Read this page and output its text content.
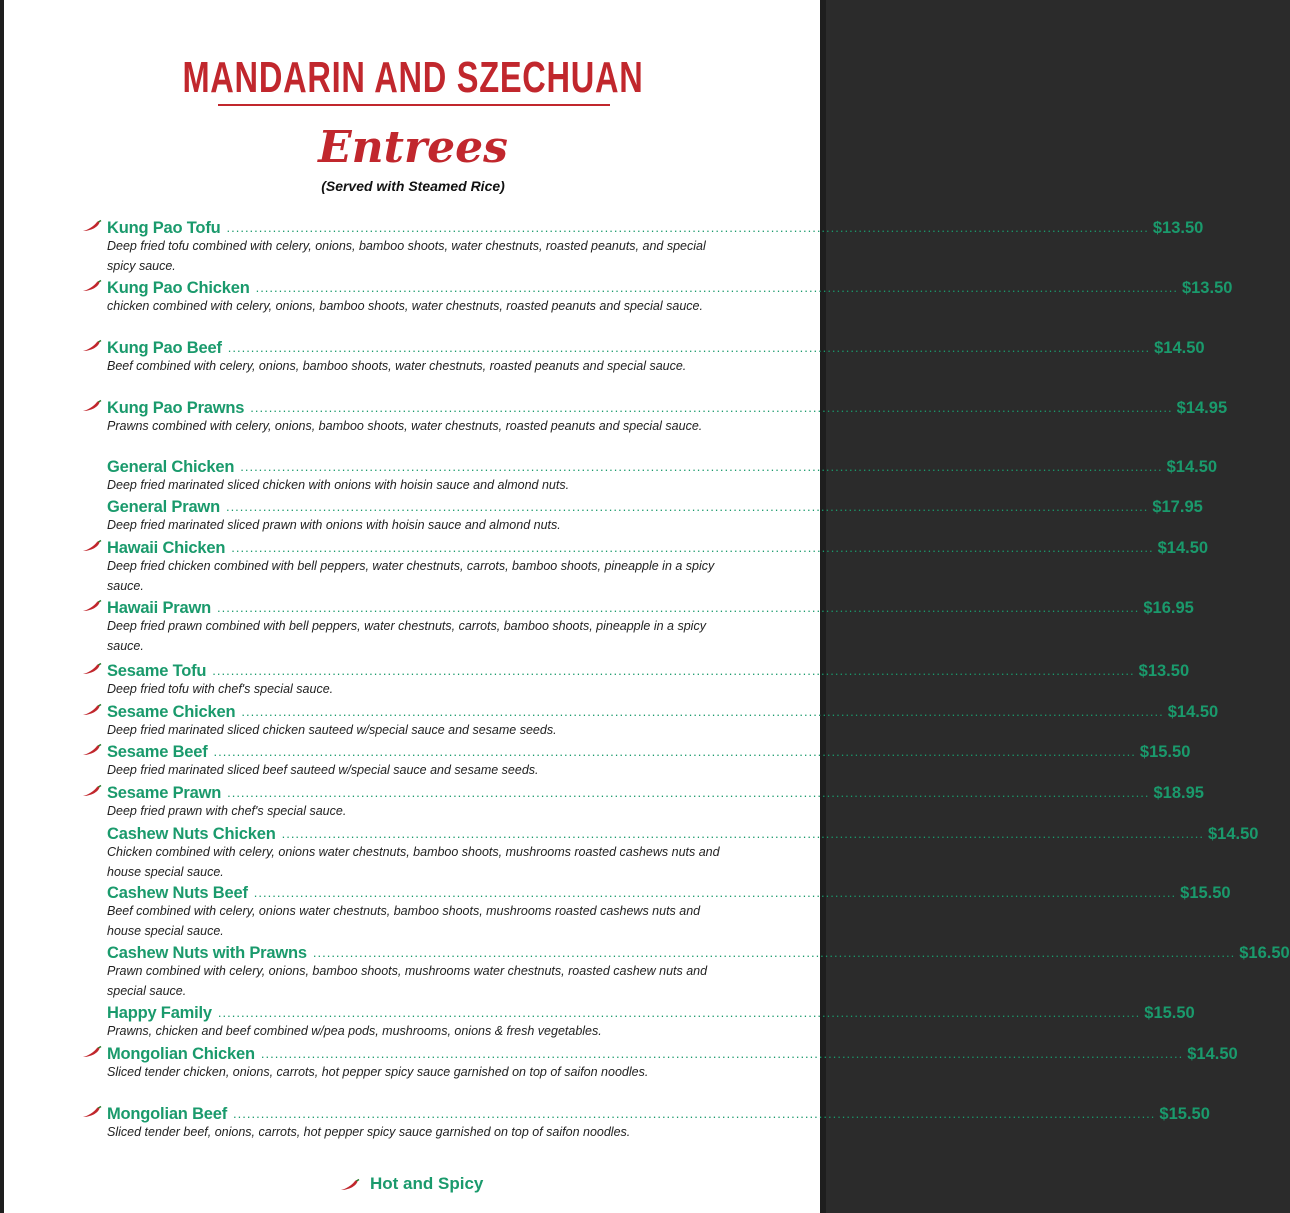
MANDARIN AND SZECHUAN
Entrees
(Served with Steamed Rice)
Kung Pao Tofu ........................................................................................................................................................................................................ $13.50
Deep fried tofu combined with celery, onions, bamboo shoots, water chestnuts, roasted peanuts, and special spicy sauce.
Kung Pao Chicken ........................................................................................................................................................................................................ $13.50
chicken combined with celery, onions, bamboo shoots, water chestnuts, roasted peanuts and special sauce.
Kung Pao Beef ........................................................................................................................................................................................................ $14.50
Beef combined with celery, onions, bamboo shoots, water chestnuts, roasted peanuts and special sauce.
Kung Pao Prawns ........................................................................................................................................................................................................ $14.95
Prawns combined with celery, onions, bamboo shoots, water chestnuts, roasted peanuts and special sauce.
General Chicken ........................................................................................................................................................................................................ $14.50
Deep fried marinated sliced chicken with onions with hoisin sauce and almond nuts.
General Prawn ........................................................................................................................................................................................................ $17.95
Deep fried marinated sliced prawn with onions with hoisin sauce and almond nuts.
Hawaii Chicken ........................................................................................................................................................................................................ $14.50
Deep fried chicken combined with bell peppers, water chestnuts, carrots, bamboo shoots, pineapple in a spicy sauce.
Hawaii Prawn ........................................................................................................................................................................................................ $16.95
Deep fried prawn combined with bell peppers, water chestnuts, carrots, bamboo shoots, pineapple in a spicy sauce.
Sesame Tofu ........................................................................................................................................................................................................ $13.50
Deep fried tofu with chef's special sauce.
Sesame Chicken ........................................................................................................................................................................................................ $14.50
Deep fried marinated sliced chicken sauteed w/special sauce and sesame seeds.
Sesame Beef ........................................................................................................................................................................................................ $15.50
Deep fried marinated sliced beef sauteed w/special sauce and sesame seeds.
Sesame Prawn ........................................................................................................................................................................................................ $18.95
Deep fried prawn with chef's special sauce.
Cashew Nuts Chicken ........................................................................................................................................................................................................ $14.50
Chicken combined with celery, onions water chestnuts, bamboo shoots, mushrooms roasted cashews nuts and house special sauce.
Cashew Nuts Beef ........................................................................................................................................................................................................ $15.50
Beef combined with celery, onions water chestnuts, bamboo shoots, mushrooms roasted cashews nuts and house special sauce.
Cashew Nuts with Prawns ........................................................................................................................................................................................................ $16.50
Prawn combined with celery, onions, bamboo shoots, mushrooms water chestnuts, roasted cashew nuts and special sauce.
Happy Family ........................................................................................................................................................................................................ $15.50
Prawns, chicken and beef combined w/pea pods, mushrooms, onions & fresh vegetables.
Mongolian Chicken ........................................................................................................................................................................................................ $14.50
Sliced tender chicken, onions, carrots, hot pepper spicy sauce garnished on top of saifon noodles.
Mongolian Beef ........................................................................................................................................................................................................ $15.50
Sliced tender beef, onions, carrots, hot pepper spicy sauce garnished on top of saifon noodles.
Hot and Spicy
